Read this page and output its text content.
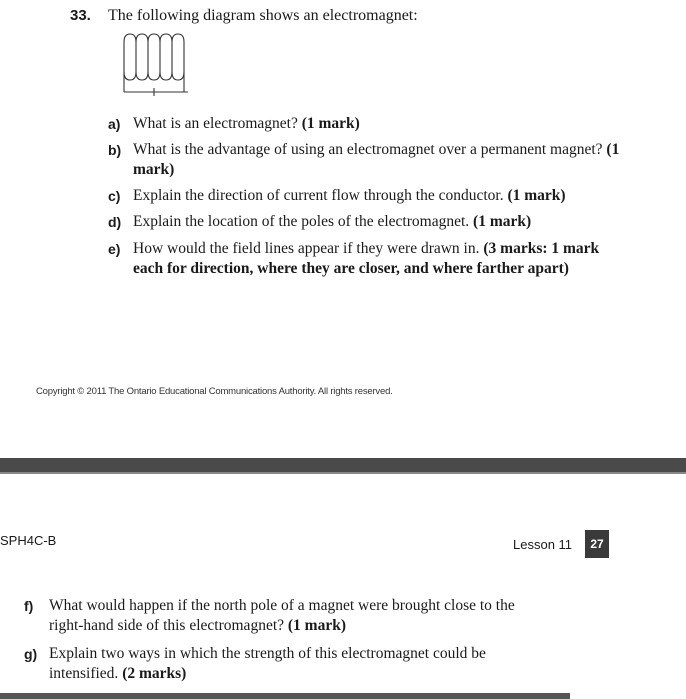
33. The following diagram shows an electromagnet:
a) What is an electromagnet? (1 mark)
b) What is the advantage of using an electromagnet over a permanent magnet? (1 mark)
c) Explain the direction of current flow through the conductor. (1 mark)
d) Explain the location of the poles of the electromagnet. (1 mark)
e) How would the field lines appear if they were drawn in. (3 marks: 1 mark each for direction, where they are closer, and where farther apart)
Copyright © 2011 The Ontario Educational Communications Authority. All rights reserved.
SPH4C-B	Lesson 11	27
f) What would happen if the north pole of a magnet were brought close to the right-hand side of this electromagnet? (1 mark)
g) Explain two ways in which the strength of this electromagnet could be intensified. (2 marks)
